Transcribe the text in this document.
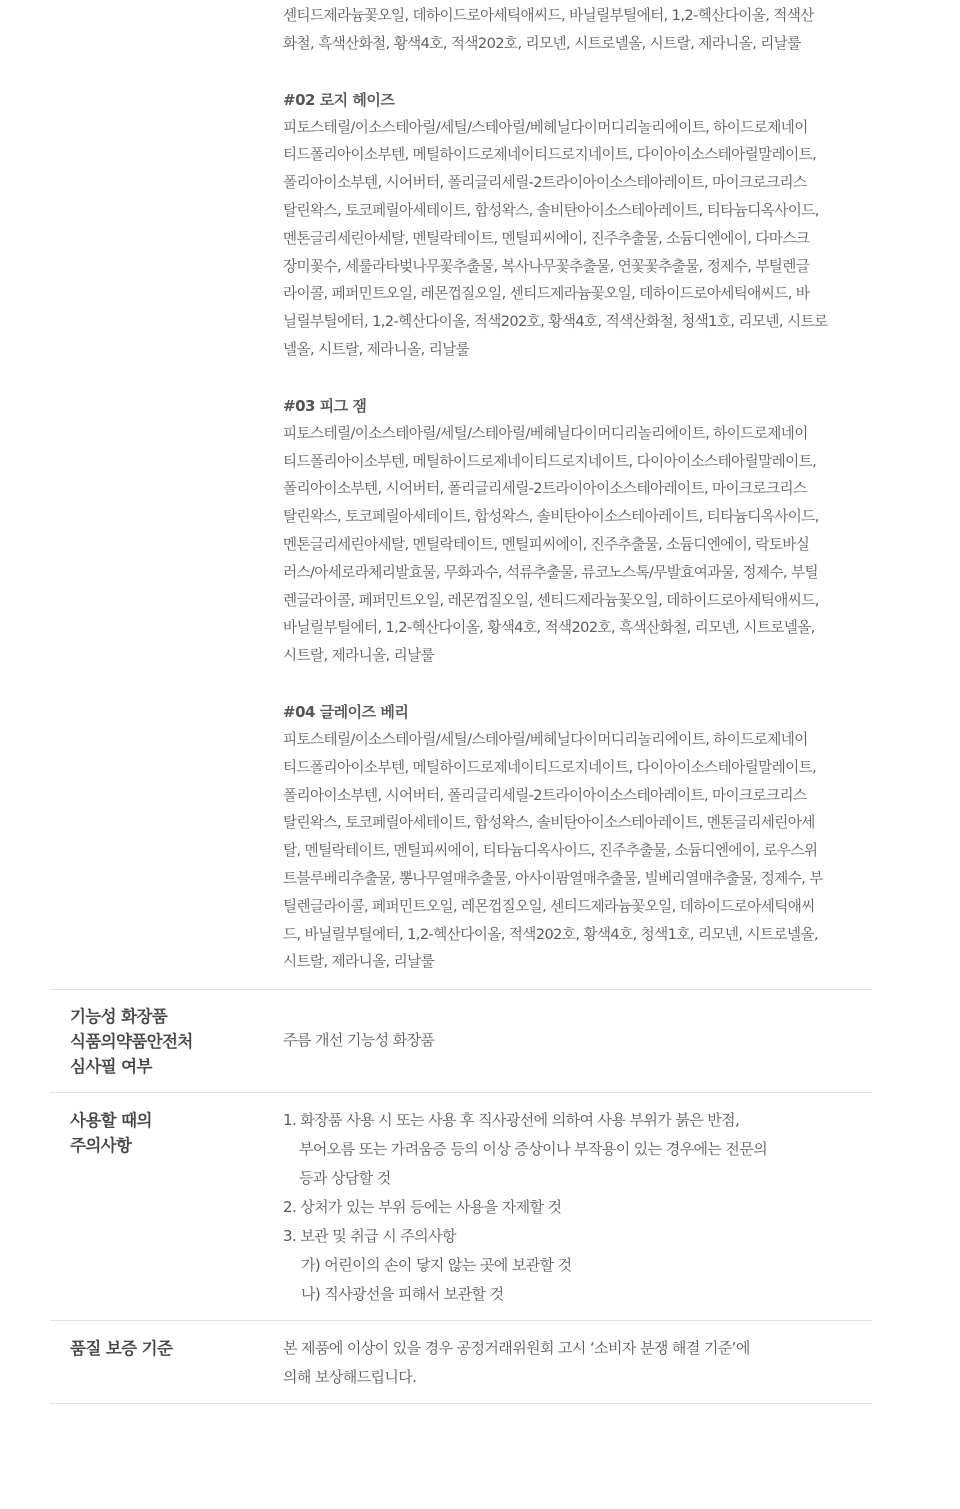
센티드제라늄꽃오일, 데하이드로아세틱애씨드, 바닐릴부틸에터, 1,2-헥산다이올, 적색산
화철, 흑색산화철, 황색4호, 적색202호, 리모넨, 시트로넬올, 시트랄, 제라니올, 리날룰

#02 로지 헤이즈

피토스테릴/이소스테아릴/세틸/스테아릴/베헤닐다이머디리놀리에이트, 하이드로제네이
티드폴리아이소부텐, 메틸하이드로제네이티드로지네이트, 다이아이소스테아릴말레이트,
폴리아이소부텐, 시어버터, 폴리글리세릴-2트라이아이소스테아레이트, 마이크로크리스
탈린왁스, 토코페릴아세테이트, 합성왁스, 솔비탄아이소스테아레이트, 티타늄디옥사이드,
멘톤글리세린아세탈, 멘틸락테이트, 멘틸피씨에이, 진주추출물, 소듐디엔에이, 다마스크
장미꽃수, 세룰라타벚나무꽃추출물, 복사나무꽃추출물, 연꽃꽃추출물, 정제수, 부틸렌글
라이콜, 페퍼민트오일, 레몬껍질오일, 센티드제라늄꽃오일, 데하이드로아세틱애씨드, 바
닐릴부틸에터, 1,2-헥산다이올, 적색202호, 황색4호, 적색산화철, 청색1호, 리모넨, 시트로
넬올, 시트랄, 제라니올, 리날룰

#03 피그 잼

피토스테릴/이소스테아릴/세틸/스테아릴/베헤닐다이머디리놀리에이트, 하이드로제네이
티드폴리아이소부텐, 메틸하이드로제네이티드로지네이트, 다이아이소스테아릴말레이트,
폴리아이소부텐, 시어버터, 폴리글리세릴-2트라이아이소스테아레이트, 마이크로크리스
탈린왁스, 토코페릴아세테이트, 합성왁스, 솔비탄아이소스테아레이트, 티타늄디옥사이드,
멘톤글리세린아세탈, 멘틸락테이트, 멘틸피씨에이, 진주추출물, 소듐디엔에이, 락토바실
러스/아세로라체리발효물, 무화과수, 석류추출물, 류코노스톡/무발효여과물, 정제수, 부틸
렌글라이콜, 페퍼민트오일, 레몬껍질오일, 센티드제라늄꽃오일, 데하이드로아세틱애씨드,
바닐릴부틸에터, 1,2-헥산다이올, 황색4호, 적색202호, 흑색산화철, 리모넨, 시트로넬올,
시트랄, 제라니올, 리날룰

#04 글레이즈 베리

피토스테릴/이소스테아릴/세틸/스테아릴/베헤닐다이머디리놀리에이트, 하이드로제네이
티드폴리아이소부텐, 메틸하이드로제네이티드로지네이트, 다이아이소스테아릴말레이트,
폴리아이소부텐, 시어버터, 폴리글리세릴-2트라이아이소스테아레이트, 마이크로크리스
탈린왁스, 토코페릴아세테이트, 합성왁스, 솔비탄아이소스테아레이트, 멘톤글리세린아세
탈, 멘틸락테이트, 멘틸피씨에이, 티타늄디옥사이드, 진주추출물, 소듐디엔에이, 로우스위
트블루베리추출물, 뽕나무열매추출물, 아사이팜열매추출물, 빌베리열매추출물, 정제수, 부
틸렌글라이콜, 페퍼민트오일, 레몬껍질오일, 센티드제라늄꽃오일, 데하이드로아세틱애씨
드, 바닐릴부틸에터, 1,2-헥산다이올, 적색202호, 황색4호, 청색1호, 리모넨, 시트로넬올,
시트랄, 제라니올, 리날룰

기능성 화장품
식품의약품안전처
심사필 여부
주름 개선 기능성 화장품
사용할 때의
주의사항
1. 화장품 사용 시 또는 사용 후 직사광선에 의하여 사용 부위가 붉은 반점,
부어오름 또는 가려움증 등의 이상 증상이나 부작용이 있는 경우에는 전문의
등과 상담할 것
2. 상처가 있는 부위 등에는 사용을 자제할 것
3. 보관 및 취급 시 주의사항
가) 어린이의 손이 닿지 않는 곳에 보관할 것
나) 직사광선을 피해서 보관할 것
품질 보증 기준	본 제품에 이상이 있을 경우 공정거래위원회 고시 ‘소비자 분쟁 해결 기준’에
의해 보상해드립니다.
